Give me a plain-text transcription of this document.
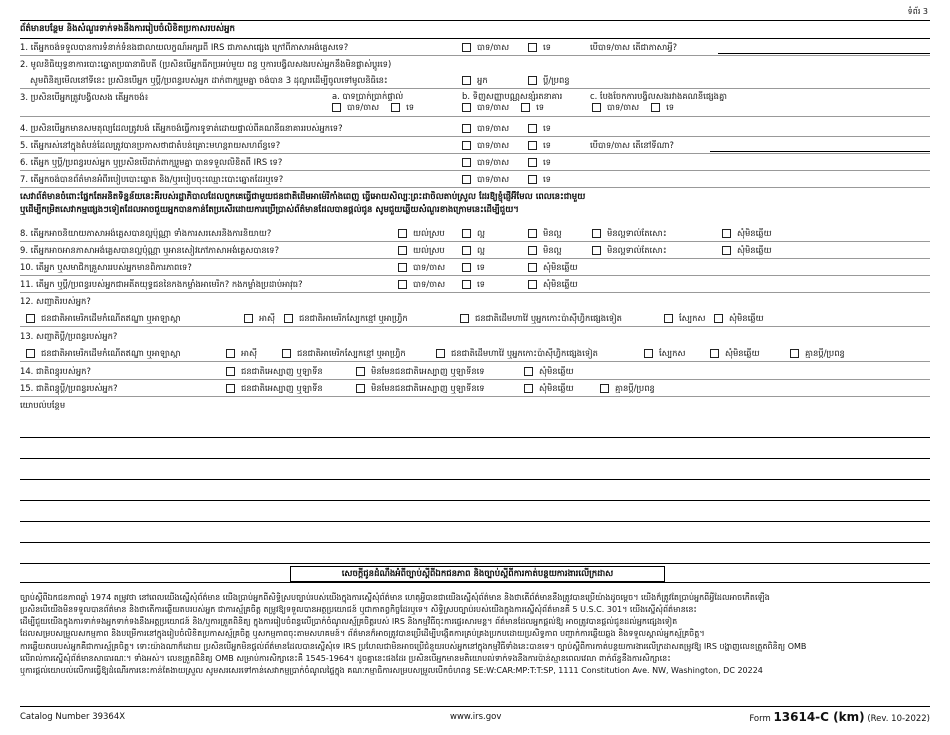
ទំព័រ 3
ព័ត៌មានបន្ថែម និងសំណួរទាក់ទងនឹងការរៀបចំលិខិតប្រកាសរបស់អ្នក
1. តើអ្នកចង់ទទួលបានការទំនាក់ទំនងជាលាយលក្ខណ៍អក្សរពី IRS ជាភាសាផ្សេង ក្រៅពីភាសាអង់គ្លេសទេ?	បាទ/ចាស	ទេ	បើបាទ/ចាស តើជាភាសាអ្វី?
2. មូលនិធិយុទ្ធនាការបោះឆ្នោតប្រធានាធិបតី (ប្រសិនបើអ្នកធីកប្រអប់មួយ ពន្ធ ឬការបង្វិលសងរបស់អ្នកនឹងមិនផ្លាស់ប្ដូរទេ)
សូមពិនិត្យមើលនៅទីនេះ ប្រសិនបើអ្នក ឬប្ដី/ប្រពន្ធរបស់អ្នក ដាក់ពាក្យរួមគ្នា ចង់បាន 3 ដុល្លារដើម្បីចូលទៅមូលនិធិនេះ	អ្នក	ប្ដី/ប្រពន្ធ
3. ប្រសិនបើអ្នកត្រូវបង្វិលសង តើអ្នកចង់៖	a. បាទប្រាក់ប្រាក់ផ្ទាល់
បាទ/ចាស	ទេ
b. ទិញសញ្ញាបណ្ណសន្សំរតនាគារ
បាទ/ចាស	ទេ
c. បែងចែកការបង្វិលសងរវាងគណនីផ្សេងគ្នា
បាទ/ចាស	ទេ
4. ប្រសិនបើអ្នកមានសមតុល្យដែលត្រូវបង់ តើអ្នកចង់ធ្វើការទូទាត់ដោយផ្ទាល់ពីគណនីធនាគាររបស់អ្នកទេ?	បាទ/ចាស	ទេ
5. តើអ្នករស់នៅក្នុងតំបន់ដែលត្រូវបានប្រកាសថាជាតំបន់គ្រោះមហន្តរាយសហព័ន្ធទេ?	បាទ/ចាស	ទេ	បើបាទ/ចាស តើនៅទីណា?
6. តើអ្នក ឬប្ដី/ប្រពន្ធរបស់អ្នក ឬប្រសិនបើដាក់ពាក្យរួមគ្នា បានទទួលលិខិតពី IRS ទេ?	បាទ/ចាស	ទេ
7. តើអ្នកចង់បានព័ត៌មានអំពីរបៀបបោះឆ្នោត និង/ឬរបៀបចុះឈ្មោះបោះឆ្នោតដែរឬទេ?	បាទ/ចាស	ទេ
សេវាព័ត៌មានចំពោះផ្នែកតែអនិតទិន្នន័យនេះគឺរបស់រដ្ឋាភិបាលដែលពួកគេធ្វើជាមួយជនជាតិដើមអាម៉េរិកាំងពេញ ធ្វើអោយសិល្បៈព្រះដាចិលតាប់ស្រួល ដែរឱ្យខ្ញុំផ្ញើអ៊ីមែល ពេលនេះជាមួយ
ឬដើម្បីកម្រិតសេវាកម្មផ្សេងៗទៀតដែលអាចជួយអ្នកបានកាន់តែប្រសើរដោយការប្រើប្រាស់ព័ត៌មានដែលបានផ្ដល់ជូន សូមជួយឆ្លើយសំណួរខាងក្រោមនេះដើម្បីជួយ។
8. តើអ្នកអាចនិយាយភាសាអង់គ្លេសបានល្អប៉ុណ្ណា ទាំងការសរសេរនិងការនិយាយ?	យល់ស្រប	ល្អ	មិនល្អ	មិនល្អទាល់តែសោះ	សុំមិនឆ្លើយ
9. តើអ្នកអាចអានភាសាអង់គ្លេសបានល្អប៉ុណ្ណា ឬអានសៀវភៅភាសាអង់គ្លេសបានទេ?	យល់ស្រប	ល្អ	មិនល្អ	មិនល្អទាល់តែសោះ	សុំមិនឆ្លើយ
10. តើអ្នក ឬសមាជិកគ្រួសាររបស់អ្នកមានពិការភាពទេ?	បាទ/ចាស	ទេ	សុំមិនឆ្លើយ
11. តើអ្នក ឬប្ដី/ប្រពន្ធរបស់អ្នកជាអតីតយុទ្ធជននៃកងកម្លាំងអាមេរិក? កងកម្លាំងប្រដាប់អាវុធ?	បាទ/ចាស	ទេ	សុំមិនឆ្លើយ
12. សញ្ជាតិរបស់អ្នក?
ជនជាតិអាមេរិកដើមកំណើតឥណ្ឌា ឬអាឡាស្កា	អាស៊ី	ជនជាតិអាមេរិកស្បែកខ្មៅ ឬអាហ្វ្រិក	ជនជាតិដើមហាវ៉ៃ ឬអ្នកកោះប៉ាស៊ីហ្វិកផ្សេងទៀត	ស្បែកស	សុំមិនឆ្លើយ
13. សញ្ជាតិប្ដី/ប្រពន្ធរបស់អ្នក?
ជនជាតិអាមេរិកដើមកំណើតឥណ្ឌា ឬអាឡាស្កា	អាស៊ី	ជនជាតិអាមេរិកស្បែកខ្មៅ ឬអាហ្វ្រិក	ជនជាតិដើមហាវ៉ៃ ឬអ្នកកោះប៉ាស៊ីហ្វិកផ្សេងទៀត	ស្បែកស	សុំមិនឆ្លើយ	គ្មានប្ដី/ប្រពន្ធ
14. ជាតិពន្ធុរបស់អ្នក?	ជនជាតិអេស្បាញ ឬឡាទីន	មិនមែនជនជាតិអេស្បាញ ឬឡាទីនទេ	សុំមិនឆ្លើយ
15. ជាតិពន្ធុប្ដី/ប្រពន្ធរបស់អ្នក?	ជនជាតិអេស្បាញ ឬឡាទីន	មិនមែនជនជាតិអេស្បាញ ឬឡាទីនទេ	សុំមិនឆ្លើយ	គ្មានប្ដី/ប្រពន្ធ
យោបល់បន្ថែម
សេចក្ដីជូនដំណឹងអំពីច្បាប់ស្ដីពីឯកជនភាព និងច្បាប់ស្ដីពីការកាត់បន្ថយការងារលើក្រដាស

ច្បាប់ស្ដីពីឯកជនភាពឆ្នាំ 1974 តម្រូវថា នៅពេលយើងស្នើសុំព័ត៌មាន យើងប្រាប់អ្នកពីសិទ្ធិស្របច្បាប់របស់យើងក្នុងការស្នើសុំព័ត៌មាន ហេតុអ្វីបានជាយើងស្នើសុំព័ត៌មាន និងថាតើព័ត៌មាននឹងត្រូវបានប្រើយ៉ាងដូចម្ដេច។ យើងក៏ត្រូវតែប្រាប់អ្នកពីអ្វីដែលអាចកើតឡើង

ប្រសិនបើយើងមិនទទួលបានព័ត៌មាន និងថាតើការឆ្លើយតបរបស់អ្នក ជាការស្ម័គ្រចិត្ត តម្រូវឱ្យទទួលបានអត្ថប្រយោជន៍ ឬជាកាតព្វកិច្ចដែរឬទេ។ សិទ្ធិស្របច្បាប់របស់យើងក្នុងការស្នើសុំព័ត៌មានគឺ 5 U.S.C. 301។ យើងស្នើសុំព័ត៌មាននេះ

ដើម្បីជួយយើងក្នុងការទាក់ទងអ្នកទាក់ទងនឹងអត្តប្រយោជន៍ និង/ឬការត្រួតពិនិត្យ ក្នុងការរៀបចំពន្ធលើប្រាក់ចំណូលស្ម័គ្រចិត្តរបស់ IRS និងកម្មវិធីចុះការផ្ទេរសារមន្ត។ ព័ត៌មានដែលអ្នកផ្ដល់ឱ្យ អាចត្រូវបានផ្ដល់ជូនដល់អ្នកផ្សេងទៀត

ដែលសម្របសម្រួលសកម្មភាព និងបម្រើការនៅក្នុងរៀបចំលិខិតប្រកាសស្ម័គ្រចិត្ត ឬសកម្មភាពចុះតាមសហគមន៍។ ព័ត៌មានក៏អាចត្រូវបានប្រើដើម្បីបង្កើតការគ្រប់គ្រងប្រកបដោយប្រសិទ្ធភាព បញ្ជាក់ការឆ្លើយឆ្លង និងទទួលស្គាល់អ្នកស្ម័គ្រចិត្ត។

ការឆ្លើយតបរបស់អ្នកគឺជាការស្ម័គ្រចិត្ត។ ទោះយ៉ាងណាក៏ដោយ ប្រសិនបើអ្នកមិនផ្ដល់ព័ត៌មានដែលបានស្នើសុំទេ IRS ប្រហែលជាមិនអាចប្រើជំនួយរបស់អ្នកនៅក្នុងកម្មវិធីទាំងនេះបានទេ។ ច្បាប់ស្ដីពីការកាត់បន្ថយការងារលើក្រដាសតម្រូវឱ្យ IRS បង្ហាញលេខត្រួតពិនិត្យ OMB

លើរាល់ការស្នើសុំព័ត៌មានសាធារណៈ។ ទាំងអស់។ លេខត្រួតពិនិត្យ OMB សម្រាប់ការសិក្សានេះគឺ 1545-1964។ ដូចគ្នានេះផងដែរ ប្រសិនបើអ្នកមានមតិយោបល់ទាក់ទងនឹងការប៉ាន់ស្មានពេលវេលា ពាក់ព័ន្ធនឹងការសិក្សានេះ

ឬការផ្ដល់យោបល់លើការធ្វើឱ្យដំណើរការនេះកាន់តែងាយស្រួល សូមសរសេរទៅកាន់សេវាកម្មប្រាក់ចំណូលផ្ទៃក្នុង គណៈកម្មាធិការសម្របសម្រួលបើកចំហពន្ធ SE:W:CAR:MP:T:T:SP, 1111 Constitution Ave. NW, Washington, DC 20224

Catalog Number 39364X	www.irs.gov	Form 13614-C (km) (Rev. 10-2022)
